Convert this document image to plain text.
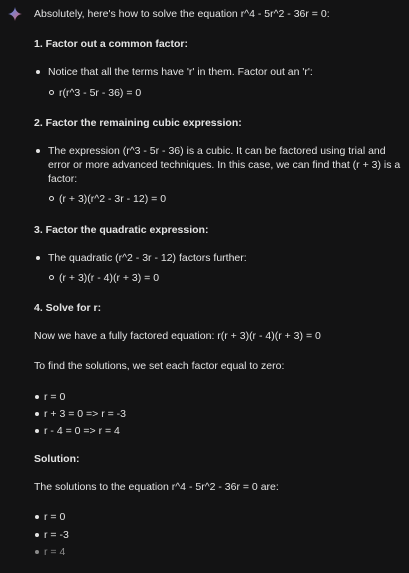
Absolutely, here's how to solve the equation r^4 - 5r^2 - 36r = 0:

1. Factor out a common factor:

Notice that all the terms have 'r' in them. Factor out an 'r':
r(r^3 - 5r - 36) = 0

2. Factor the remaining cubic expression:

The expression (r^3 - 5r - 36) is a cubic. It can be factored using trial and error or more advanced techniques. In this case, we can find that (r + 3) is a factor:
(r + 3)(r^2 - 3r - 12) = 0

3. Factor the quadratic expression:

The quadratic (r^2 - 3r - 12) factors further:
(r + 3)(r - 4)(r + 3) = 0

4. Solve for r:

Now we have a fully factored equation: r(r + 3)(r - 4)(r + 3) = 0

To find the solutions, we set each factor equal to zero:

r = 0
r + 3 = 0 => r = -3
r - 4 = 0 => r = 4

Solution:

The solutions to the equation r^4 - 5r^2 - 36r = 0 are:

r = 0
r = -3
r = 4
